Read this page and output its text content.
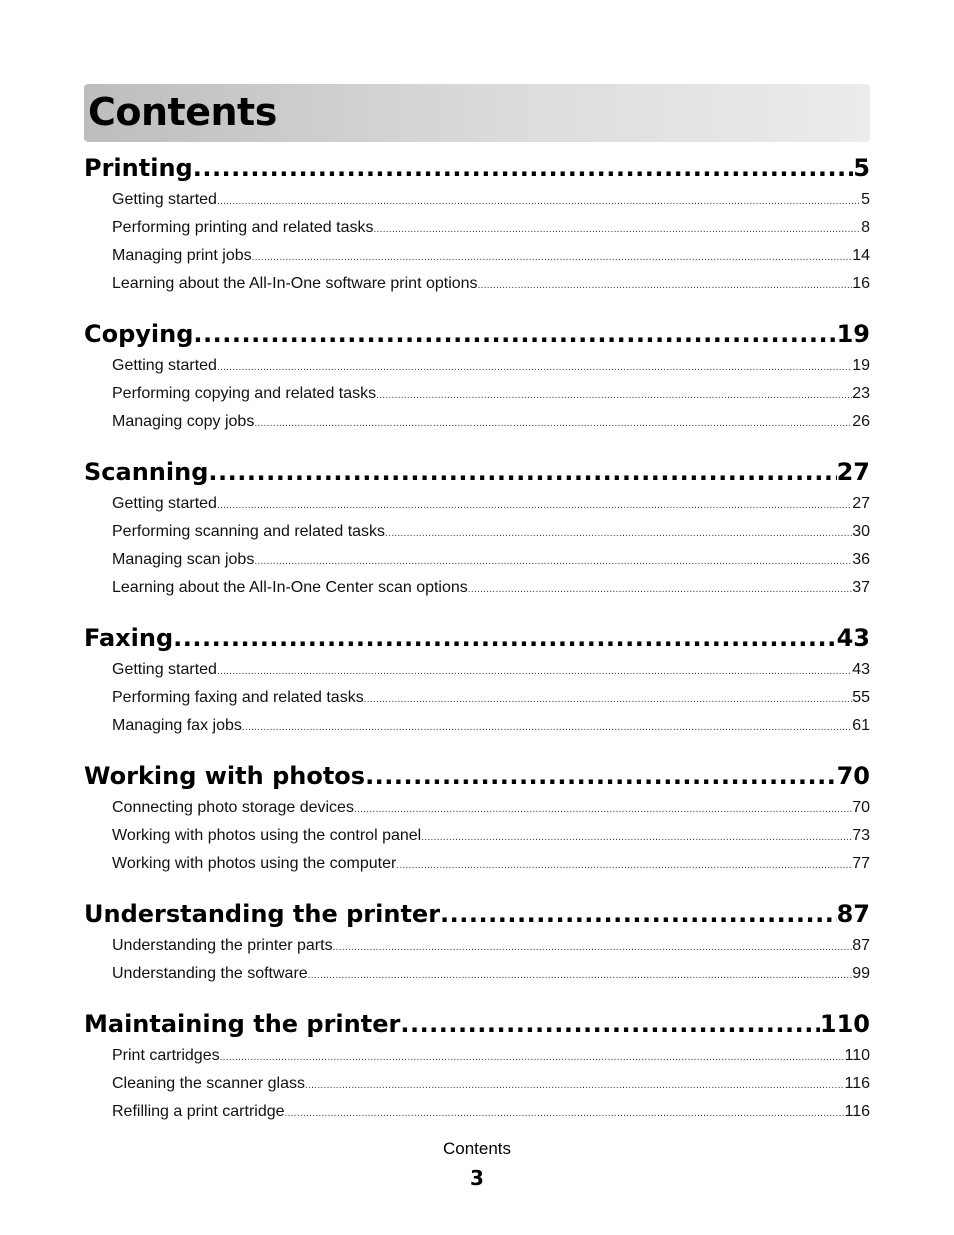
Contents
Printing .....	5
Getting started .....	5
Performing printing and related tasks .....	8
Managing print jobs .....	14
Learning about the All-In-One software print options .....	16
Copying .....	19
Getting started .....	19
Performing copying and related tasks .....	23
Managing copy jobs .....	26
Scanning .....	27
Getting started .....	27
Performing scanning and related tasks .....	30
Managing scan jobs .....	36
Learning about the All-In-One Center scan options .....	37
Faxing .....	43
Getting started .....	43
Performing faxing and related tasks .....	55
Managing fax jobs .....	61
Working with photos .....	70
Connecting photo storage devices .....	70
Working with photos using the control panel .....	73
Working with photos using the computer .....	77
Understanding the printer .....	87
Understanding the printer parts .....	87
Understanding the software .....	99
Maintaining the printer .....	110
Print cartridges .....	110
Cleaning the scanner glass .....	116
Refilling a print cartridge .....	116
Contents
3
